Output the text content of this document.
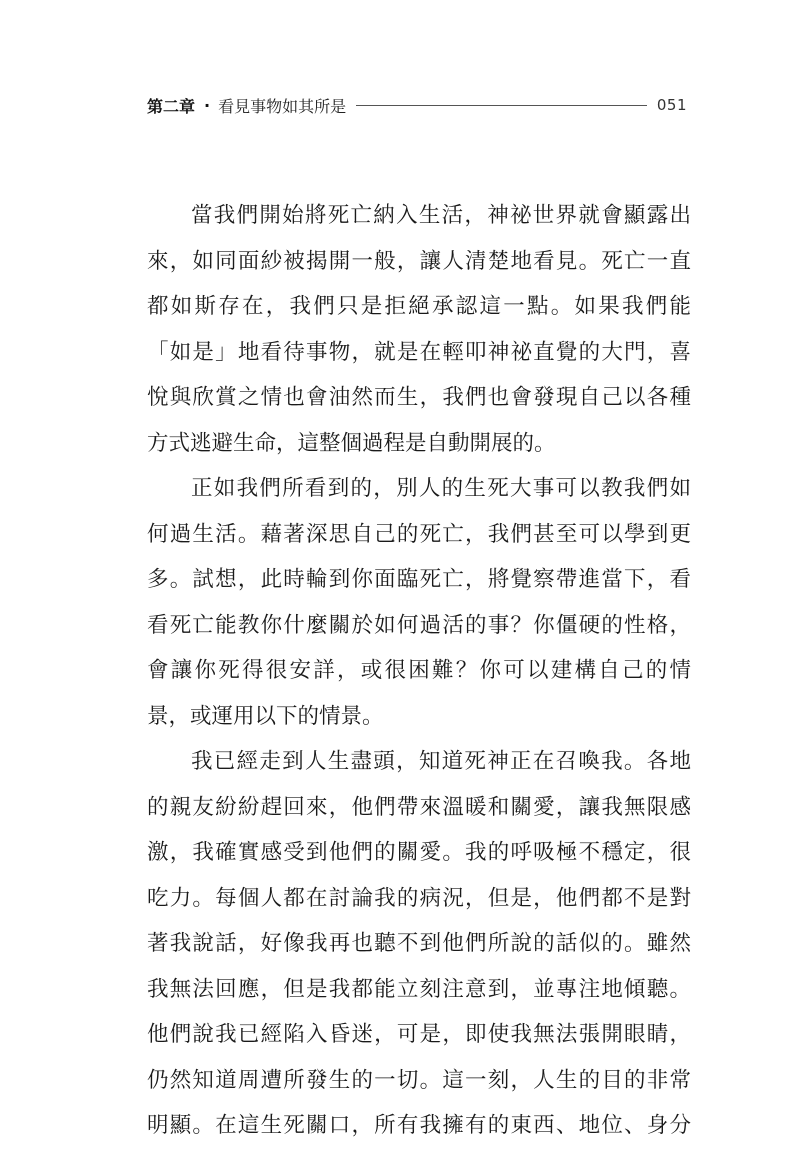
第二章 · 看見事物如其所是	051
當我們開始將死亡納入生活，神祕世界就會顯露出
來，如同面紗被揭開一般，讓人清楚地看見。死亡一直
都如斯存在，我們只是拒絕承認這一點。如果我們能
「如是」地看待事物，就是在輕叩神祕直覺的大門，喜
悅與欣賞之情也會油然而生，我們也會發現自己以各種
方式逃避生命，這整個過程是自動開展的。
正如我們所看到的，別人的生死大事可以教我們如
何過生活。藉著深思自己的死亡，我們甚至可以學到更
多。試想，此時輪到你面臨死亡，將覺察帶進當下，看
看死亡能教你什麼關於如何過活的事？你僵硬的性格，
會讓你死得很安詳，或很困難？你可以建構自己的情
景，或運用以下的情景。
我已經走到人生盡頭，知道死神正在召喚我。各地
的親友紛紛趕回來，他們帶來溫暖和關愛，讓我無限感
激，我確實感受到他們的關愛。我的呼吸極不穩定，很
吃力。每個人都在討論我的病況，但是，他們都不是對
著我說話，好像我再也聽不到他們所說的話似的。雖然
我無法回應，但是我都能立刻注意到，並專注地傾聽。
他們說我已經陷入昏迷，可是，即使我無法張開眼睛，
仍然知道周遭所發生的一切。這一刻，人生的目的非常
明顯。在這生死關口，所有我擁有的東西、地位、身分
